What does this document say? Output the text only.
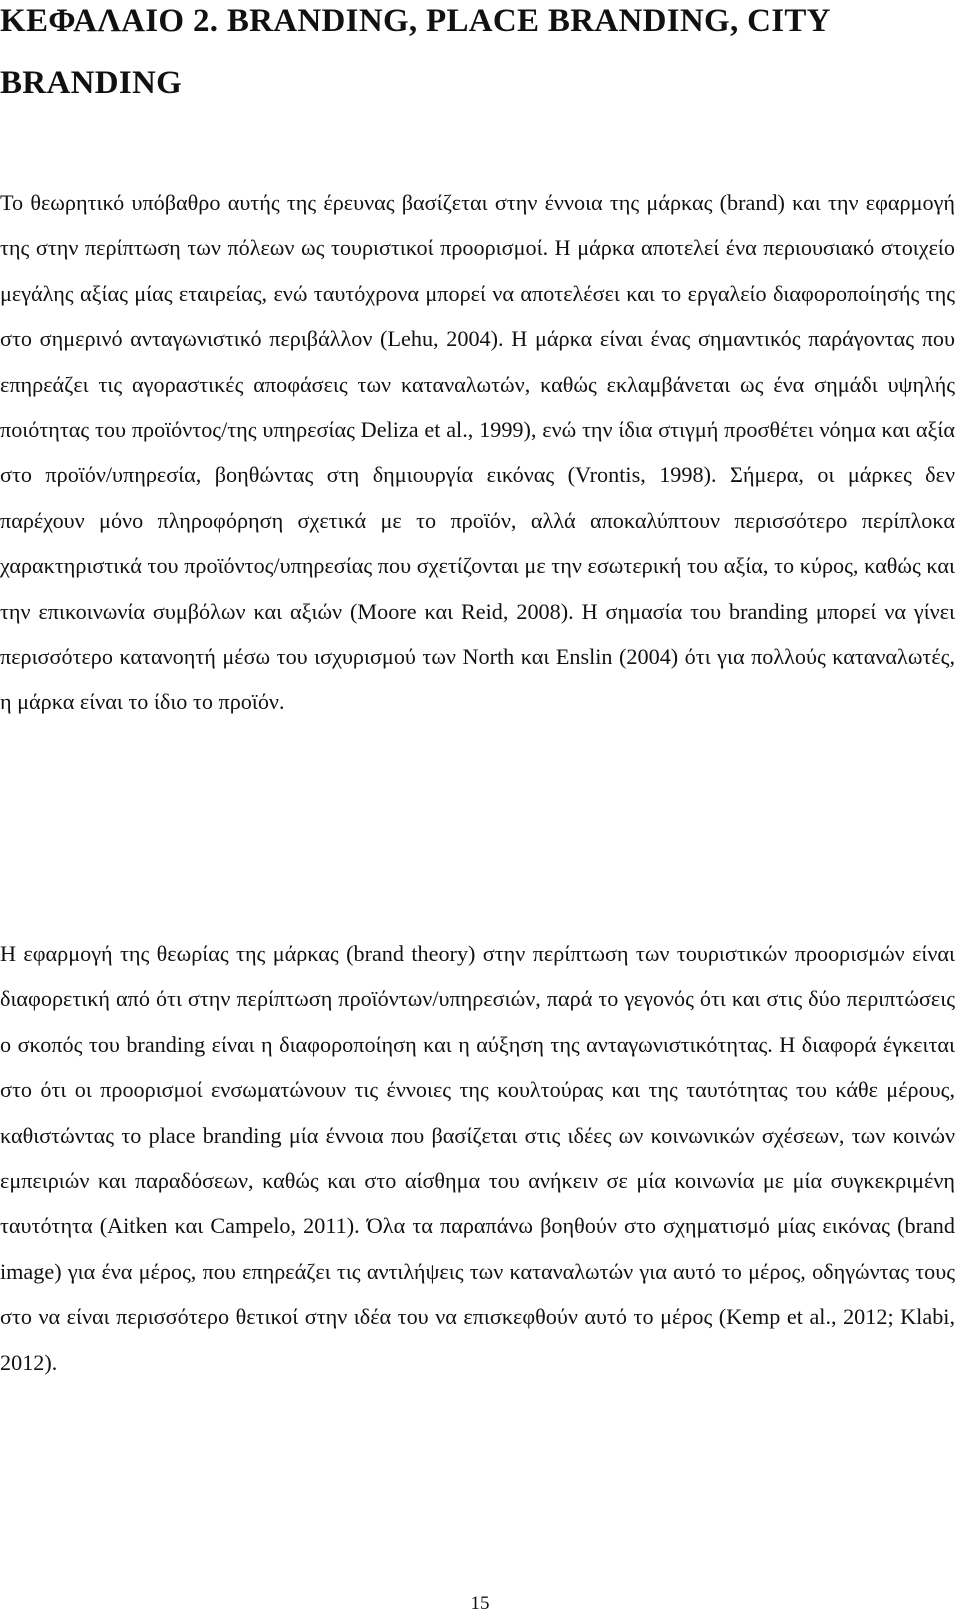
ΚΕΦΑΛΑΙΟ 2. BRANDING, PLACE BRANDING, CITY BRANDING

Το θεωρητικό υπόβαθρο αυτής της έρευνας βασίζεται στην έννοια της μάρκας (brand) και την εφαρμογή της στην περίπτωση των πόλεων ως τουριστικοί προορισμοί. Η μάρκα αποτελεί ένα περιουσιακό στοιχείο μεγάλης αξίας μίας εταιρείας, ενώ ταυτόχρονα μπορεί να αποτελέσει και το εργαλείο διαφοροποίησής της στο σημερινό ανταγωνιστικό περιβάλλον (Lehu, 2004). Η μάρκα είναι ένας σημαντικός παράγοντας που επηρεάζει τις αγοραστικές αποφάσεις των καταναλωτών, καθώς εκλαμβάνεται ως ένα σημάδι υψηλής ποιότητας του προϊόντος/της υπηρεσίας Deliza et al., 1999), ενώ την ίδια στιγμή προσθέτει νόημα και αξία στο προϊόν/υπηρεσία, βοηθώντας στη δημιουργία εικόνας (Vrontis, 1998). Σήμερα, οι μάρκες δεν παρέχουν μόνο πληροφόρηση σχετικά με το προϊόν, αλλά αποκαλύπτουν περισσότερο περίπλοκα χαρακτηριστικά του προϊόντος/υπηρεσίας που σχετίζονται με την εσωτερική του αξία, το κύρος, καθώς και την επικοινωνία συμβόλων και αξιών (Moore και Reid, 2008). Η σημασία του branding μπορεί να γίνει περισσότερο κατανοητή μέσω του ισχυρισμού των North και Enslin (2004) ότι για πολλούς καταναλωτές, η μάρκα είναι το ίδιο το προϊόν.

Η εφαρμογή της θεωρίας της μάρκας (brand theory) στην περίπτωση των τουριστικών προορισμών είναι διαφορετική από ότι στην περίπτωση προϊόντων/υπηρεσιών, παρά το γεγονός ότι και στις δύο περιπτώσεις ο σκοπός του branding είναι η διαφοροποίηση και η αύξηση της ανταγωνιστικότητας. Η διαφορά έγκειται στο ότι οι προορισμοί ενσωματώνουν τις έννοιες της κουλτούρας και της ταυτότητας του κάθε μέρους, καθιστώντας το place branding μία έννοια που βασίζεται στις ιδέες ων κοινωνικών σχέσεων, των κοινών εμπειριών και παραδόσεων, καθώς και στο αίσθημα του ανήκειν σε μία κοινωνία με μία συγκεκριμένη ταυτότητα (Aitken και Campelo, 2011). Όλα τα παραπάνω βοηθούν στο σχηματισμό μίας εικόνας (brand image) για ένα μέρος, που επηρεάζει τις αντιλήψεις των καταναλωτών για αυτό το μέρος, οδηγώντας τους στο να είναι περισσότερο θετικοί στην ιδέα του να επισκεφθούν αυτό το μέρος (Kemp et al., 2012; Klabi, 2012).

15
